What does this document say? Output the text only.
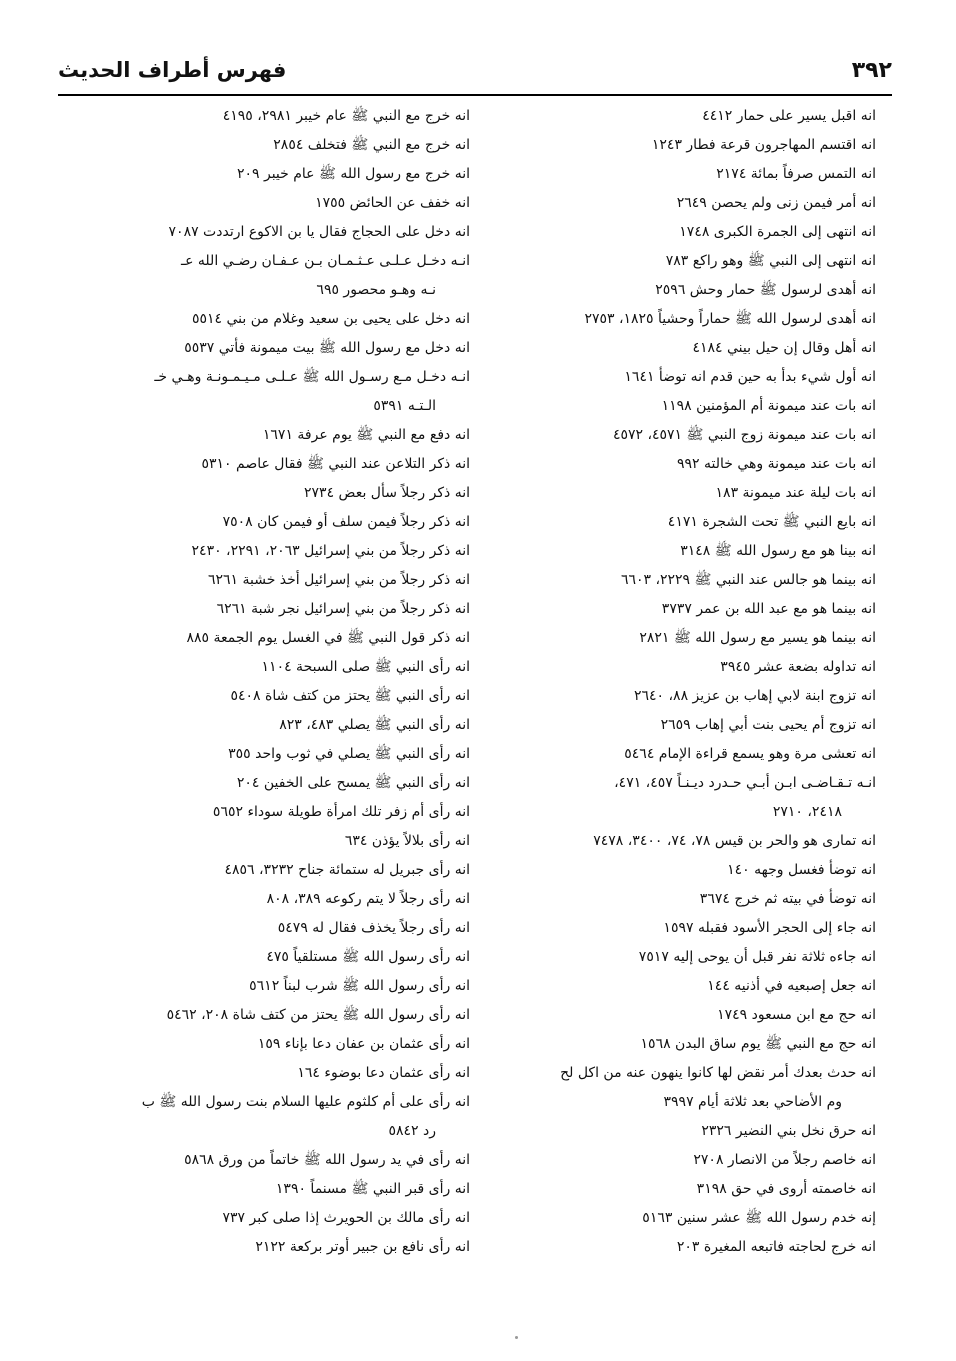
٣٩٢
فهرس أطراف الحديث
انه اقبل يسير على حمار ٤٤١٢
انه اقتسم المهاجرون قرعة فطار ١٢٤٣
انه التمس صرفاً بمائة ٢١٧٤
انه أمر فيمن زنى ولم يحصن ٢٦٤٩
انه انتهى إلى الجمرة الكبرى ١٧٤٨
انه انتهى إلى النبي ﷺ وهو راكع ٧٨٣
انه أهدى لرسول ﷺ حمار وحش ٢٥٩٦
انه أهدى لرسول الله ﷺ حماراً وحشياً ١٨٢٥، ٢٧٥٣
انه أهل وقال إن حيل بيني ٤١٨٤
انه أول شيء بدأ به حين قدم انه توضأ ١٦٤١
انه بات عند ميمونة أم المؤمنين ١١٩٨
انه بات عند ميمونة زوج النبي ﷺ ٤٥٧١، ٤٥٧٢
انه بات عند ميمونة وهي خالته ٩٩٢
انه بات ليلة عند ميمونة ١٨٣
انه بايع النبي ﷺ تحت الشجرة ٤١٧١
انه بينا هو مع رسول الله ﷺ ٣١٤٨
انه بينما هو جالس عند النبي ﷺ ٢٢٢٩، ٦٦٠٣
انه بينما هو مع عبد الله بن عمر ٣٧٣٧
انه بينما هو يسير مع رسول الله ﷺ ٢٨٢١
انه تداوله بضعة عشر ٣٩٤٥
انه تزوج ابنة لابي إهاب بن عزيز ٨٨، ٢٦٤٠
انه تزوج أم يحيى بنت أبي إهاب ٢٦٥٩
انه تعشى مرة وهو يسمع قراءة الإمام ٥٤٦٤
انـه تـقـاضـى ابـن أبـي حـدرد ديـنـاً ٤٥٧، ٤٧١،
٢٤١٨، ٢٧١٠
انه تمارى هو والحر بن قيس ٧٨، ٧٤، ٣٤٠٠، ٧٤٧٨
انه توضأ فغسل وجهه ١٤٠
انه توضأ في بيته ثم خرج ٣٦٧٤
انه جاء إلى الحجر الأسود فقبله ١٥٩٧
انه جاءه ثلاثة نفر قبل أن يوحى إليه ٧٥١٧
انه جعل إصبعيه في أذنيه ١٤٤
انه حج مع ابن مسعود ١٧٤٩
انه حج مع النبي ﷺ يوم ساق البدن ١٥٦٨
انه حدث بعدك أمر نقض لها كانوا ينهون عنه من اكل لح
وم الأضاحي بعد ثلاثة أيام ٣٩٩٧
انه حرق نخل بني النضير ٢٣٢٦
انه خاصم رجلاً من الانصار ٢٧٠٨
انه خاصمته أروى في حق ٣١٩٨
إنه خدم رسول الله ﷺ عشر سنين ٥١٦٣
انه خرج لحاجته فاتبعه المغيرة ٢٠٣
انه خرج مع النبي ﷺ عام خيبر ٢٩٨١، ٤١٩٥
انه خرج مع النبي ﷺ فتخلف ٢٨٥٤
انه خرج مع رسول الله ﷺ عام خيبر ٢٠٩
انه خفف عن الحائض ١٧٥٥
انه دخل على الحجاج فقال يا بن الاكوع ارتددت ٧٠٨٧
انـه دخـل عـلـى عـثـمـان بـن عـفـان رضـي الله عـ
نـه وهـو محصور ٦٩٥
انه دخل على يحيى بن سعيد وغلام من بني ٥٥١٤
انه دخل مع رسول الله ﷺ بيت ميمونة فأتي ٥٥٣٧
انـه دخـل مـع رسـول الله ﷺ عـلـى مـيـمـونـة وهـي خـ
الـتـه ٥٣٩١
انه دفع مع النبي ﷺ يوم عرفة ١٦٧١
انه ذكر التلاعن عند النبي ﷺ فقال عاصم ٥٣١٠
انه ذكر رجلاً سأل بعض ٢٧٣٤
انه ذكر رجلاً فيمن سلف أو فيمن كان ٧٥٠٨
انه ذكر رجلاً من بني إسرائيل ٢٠٦٣، ٢٢٩١، ٢٤٣٠
انه ذكر رجلاً من بني إسرائيل أخذ خشبة ٦٢٦١
انه ذكر رجلاً من بني إسرائيل نجر شبة ٦٢٦١
انه ذكر قول النبي ﷺ في الغسل يوم الجمعة ٨٨٥
انه رأى النبي ﷺ صلى السبحة ١١٠٤
انه رأى النبي ﷺ يحتز من كتف شاة ٥٤٠٨
انه رأى النبي ﷺ يصلي ٤٨٣، ٨٢٣
انه رأى النبي ﷺ يصلي في ثوب واحد ٣٥٥
انه رأى النبي ﷺ يمسح على الخفين ٢٠٤
انه رأى أم زفر تلك امرأة طويلة سوداء ٥٦٥٢
انه رأى بلالاً يؤذن ٦٣٤
انه رأى جبريل له ستمائة جناح ٣٢٣٢، ٤٨٥٦
انه رأى رجلاً لا يتم ركوعه ٣٨٩، ٨٠٨
انه رأى رجلاً يخذف فقال له ٥٤٧٩
انه رأى رسول الله ﷺ مستلقياً ٤٧٥
انه رأى رسول الله ﷺ شرب لبناً ٥٦١٢
انه رأى رسول الله ﷺ يحتز من كتف شاة ٢٠٨، ٥٤٦٢
انه رأى عثمان بن عفان دعا بإناء ١٥٩
انه رأى عثمان دعا بوضوء ١٦٤
انه رأى على أم كلثوم عليها السلام بنت رسول الله ﷺ ب
رد ٥٨٤٢
انه رأى في يد رسول الله ﷺ خاتماً من ورق ٥٨٦٨
انه رأى قبر النبي ﷺ مسنماً ١٣٩٠
انه رأى مالك بن الحويرث إذا صلى كبر ٧٣٧
انه رأى نافع بن جبير أوتر بركعة ٢١٢٢
